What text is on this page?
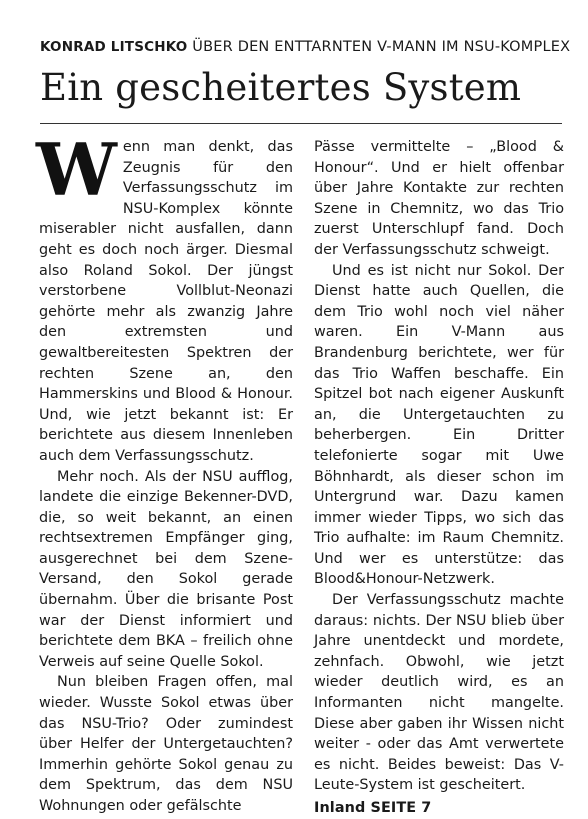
KONRAD LITSCHKO ÜBER DEN ENTTARNTEN V-MANN IM NSU-KOMPLEX
Ein gescheitertes System

Wenn man denkt, das Zeugnis für den Verfassungsschutz im NSU-Komplex könnte miserabler nicht ausfallen, dann geht es doch noch ärger. Diesmal also Roland Sokol. Der jüngst verstorbene Vollblut-Neonazi gehörte mehr als zwanzig Jahre den extremsten und gewaltbereitesten Spektren der rechten Szene an, den Hammerskins und Blood & Honour. Und, wie jetzt bekannt ist: Er berichtete aus diesem Innenleben auch dem Verfassungsschutz.

Mehr noch. Als der NSU aufflog, landete die einzige Bekenner-DVD, die, so weit bekannt, an einen rechtsextremen Empfänger ging, ausgerechnet bei dem Szene-Versand, den Sokol gerade übernahm. Über die brisante Post war der Dienst informiert und berichtete dem BKA – freilich ohne Verweis auf seine Quelle Sokol.

Nun bleiben Fragen offen, mal wieder. Wusste Sokol etwas über das NSU-Trio? Oder zumindest über Helfer der Untergetauchten? Immerhin gehörte Sokol genau zu dem Spektrum, das dem NSU Wohnungen oder gefälschte

Pässe vermittelte – „Blood & Honour“. Und er hielt offenbar über Jahre Kontakte zur rechten Szene in Chemnitz, wo das Trio zuerst Unterschlupf fand. Doch der Verfassungsschutz schweigt.

Und es ist nicht nur Sokol. Der Dienst hatte auch Quellen, die dem Trio wohl noch viel näher waren. Ein V-Mann aus Brandenburg berichtete, wer für das Trio Waffen beschaffe. Ein Spitzel bot nach eigener Auskunft an, die Untergetauchten zu beherbergen. Ein Dritter telefonierte sogar mit Uwe Böhnhardt, als dieser schon im Untergrund war. Dazu kamen immer wieder Tipps, wo sich das Trio aufhalte: im Raum Chemnitz. Und wer es unterstütze: das Blood&Honour-Netzwerk.

Der Verfassungsschutz machte daraus: nichts. Der NSU blieb über Jahre unentdeckt und mordete, zehnfach. Obwohl, wie jetzt wieder deutlich wird, es an Informanten nicht mangelte. Diese aber gaben ihr Wissen nicht weiter - oder das Amt verwertete es nicht. Beides beweist: Das V-Leute-System ist gescheitert.

Inland SEITE 7
